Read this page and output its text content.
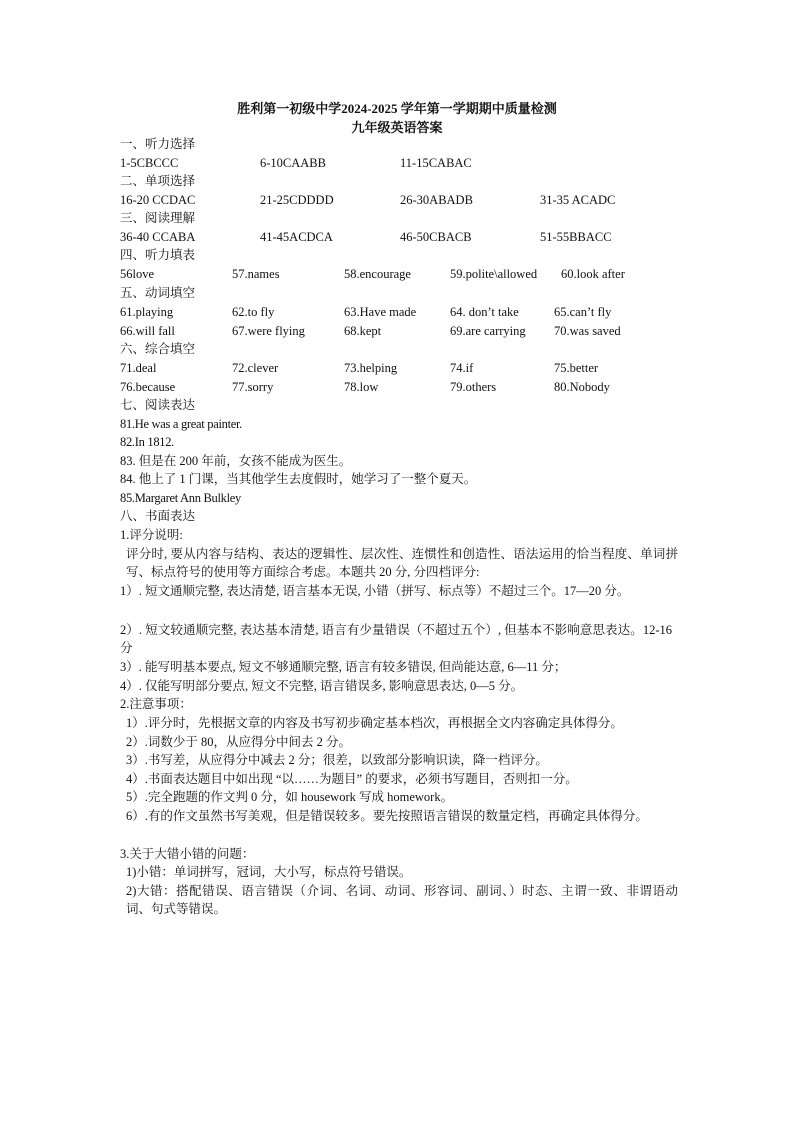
胜利第一初级中学2024-2025 学年第一学期期中质量检测
九年级英语答案
一、听力选择
1-5CBCCC	6-10CAABB	11-15CABAC
二、单项选择
16-20 CCDAC	21-25CDDDD	26-30ABADB	31-35 ACADC
三、阅读理解
36-40 CCABA	41-45ACDCA	46-50CBACB	51-55BBACC
四、听力填表
56love	57.names	58.encourage	59.polite\allowed 60.look after
五、动词填空
61.playing	62.to fly	63.Have made	64. don’t take	65.can’t fly
66.will fall	67.were flying	68.kept	69.are carrying 70.was saved
六、综合填空
71.deal	72.clever	73.helping	74.if	75.better
76.because	77.sorry	78.low	79.others	80.Nobody
七、阅读表达
81.He was a great painter.
82.In 1812.
83. 但是在 200 年前，女孩不能成为医生。
84. 他上了 1 门课，当其他学生去度假时，她学习了一整个夏天。
85.Margaret Ann Bulkley
八、书面表达
1.评分说明:
评分时, 要从内容与结构、表达的逻辑性、层次性、连惯性和创造性、语法运用的恰当程度、单词拼写、标点符号的使用等方面综合考虑。本题共 20 分, 分四档评分:
1）. 短文通顺完整, 表达清楚, 语言基本无误, 小错（拼写、标点等）不超过三个。17—20 分。
2）. 短文较通顺完整, 表达基本清楚, 语言有少量错误（不超过五个）, 但基本不影响意思表达。12-16 分
3）. 能写明基本要点, 短文不够通顺完整, 语言有较多错误, 但尚能达意, 6—11 分；
4）. 仅能写明部分要点, 短文不完整, 语言错误多, 影响意思表达, 0—5 分。
2.注意事项：
1）.评分时，先根据文章的内容及书写初步确定基本档次，再根据全文内容确定具体得分。
2）.词数少于 80，从应得分中间去 2 分。
3）.书写差，从应得分中减去 2 分；很差，以致部分影响识读，降一档评分。
4）.书面表达题目中如出现 “以……为题目” 的要求，必须书写题目，否则扣一分。
5）.完全跑题的作文判 0 分，如 housework 写成 homework。
6）.有的作文虽然书写美观，但是错误较多。要先按照语言错误的数量定档，再确定具体得分。
3.关于大错小错的问题：
1)小错：单词拼写，冠词，大小写，标点符号错误。
2)大错：搭配错误、语言错误（介词、名词、动词、形容词、副词、）时态、主谓一致、非谓语动词、句式等错误。
